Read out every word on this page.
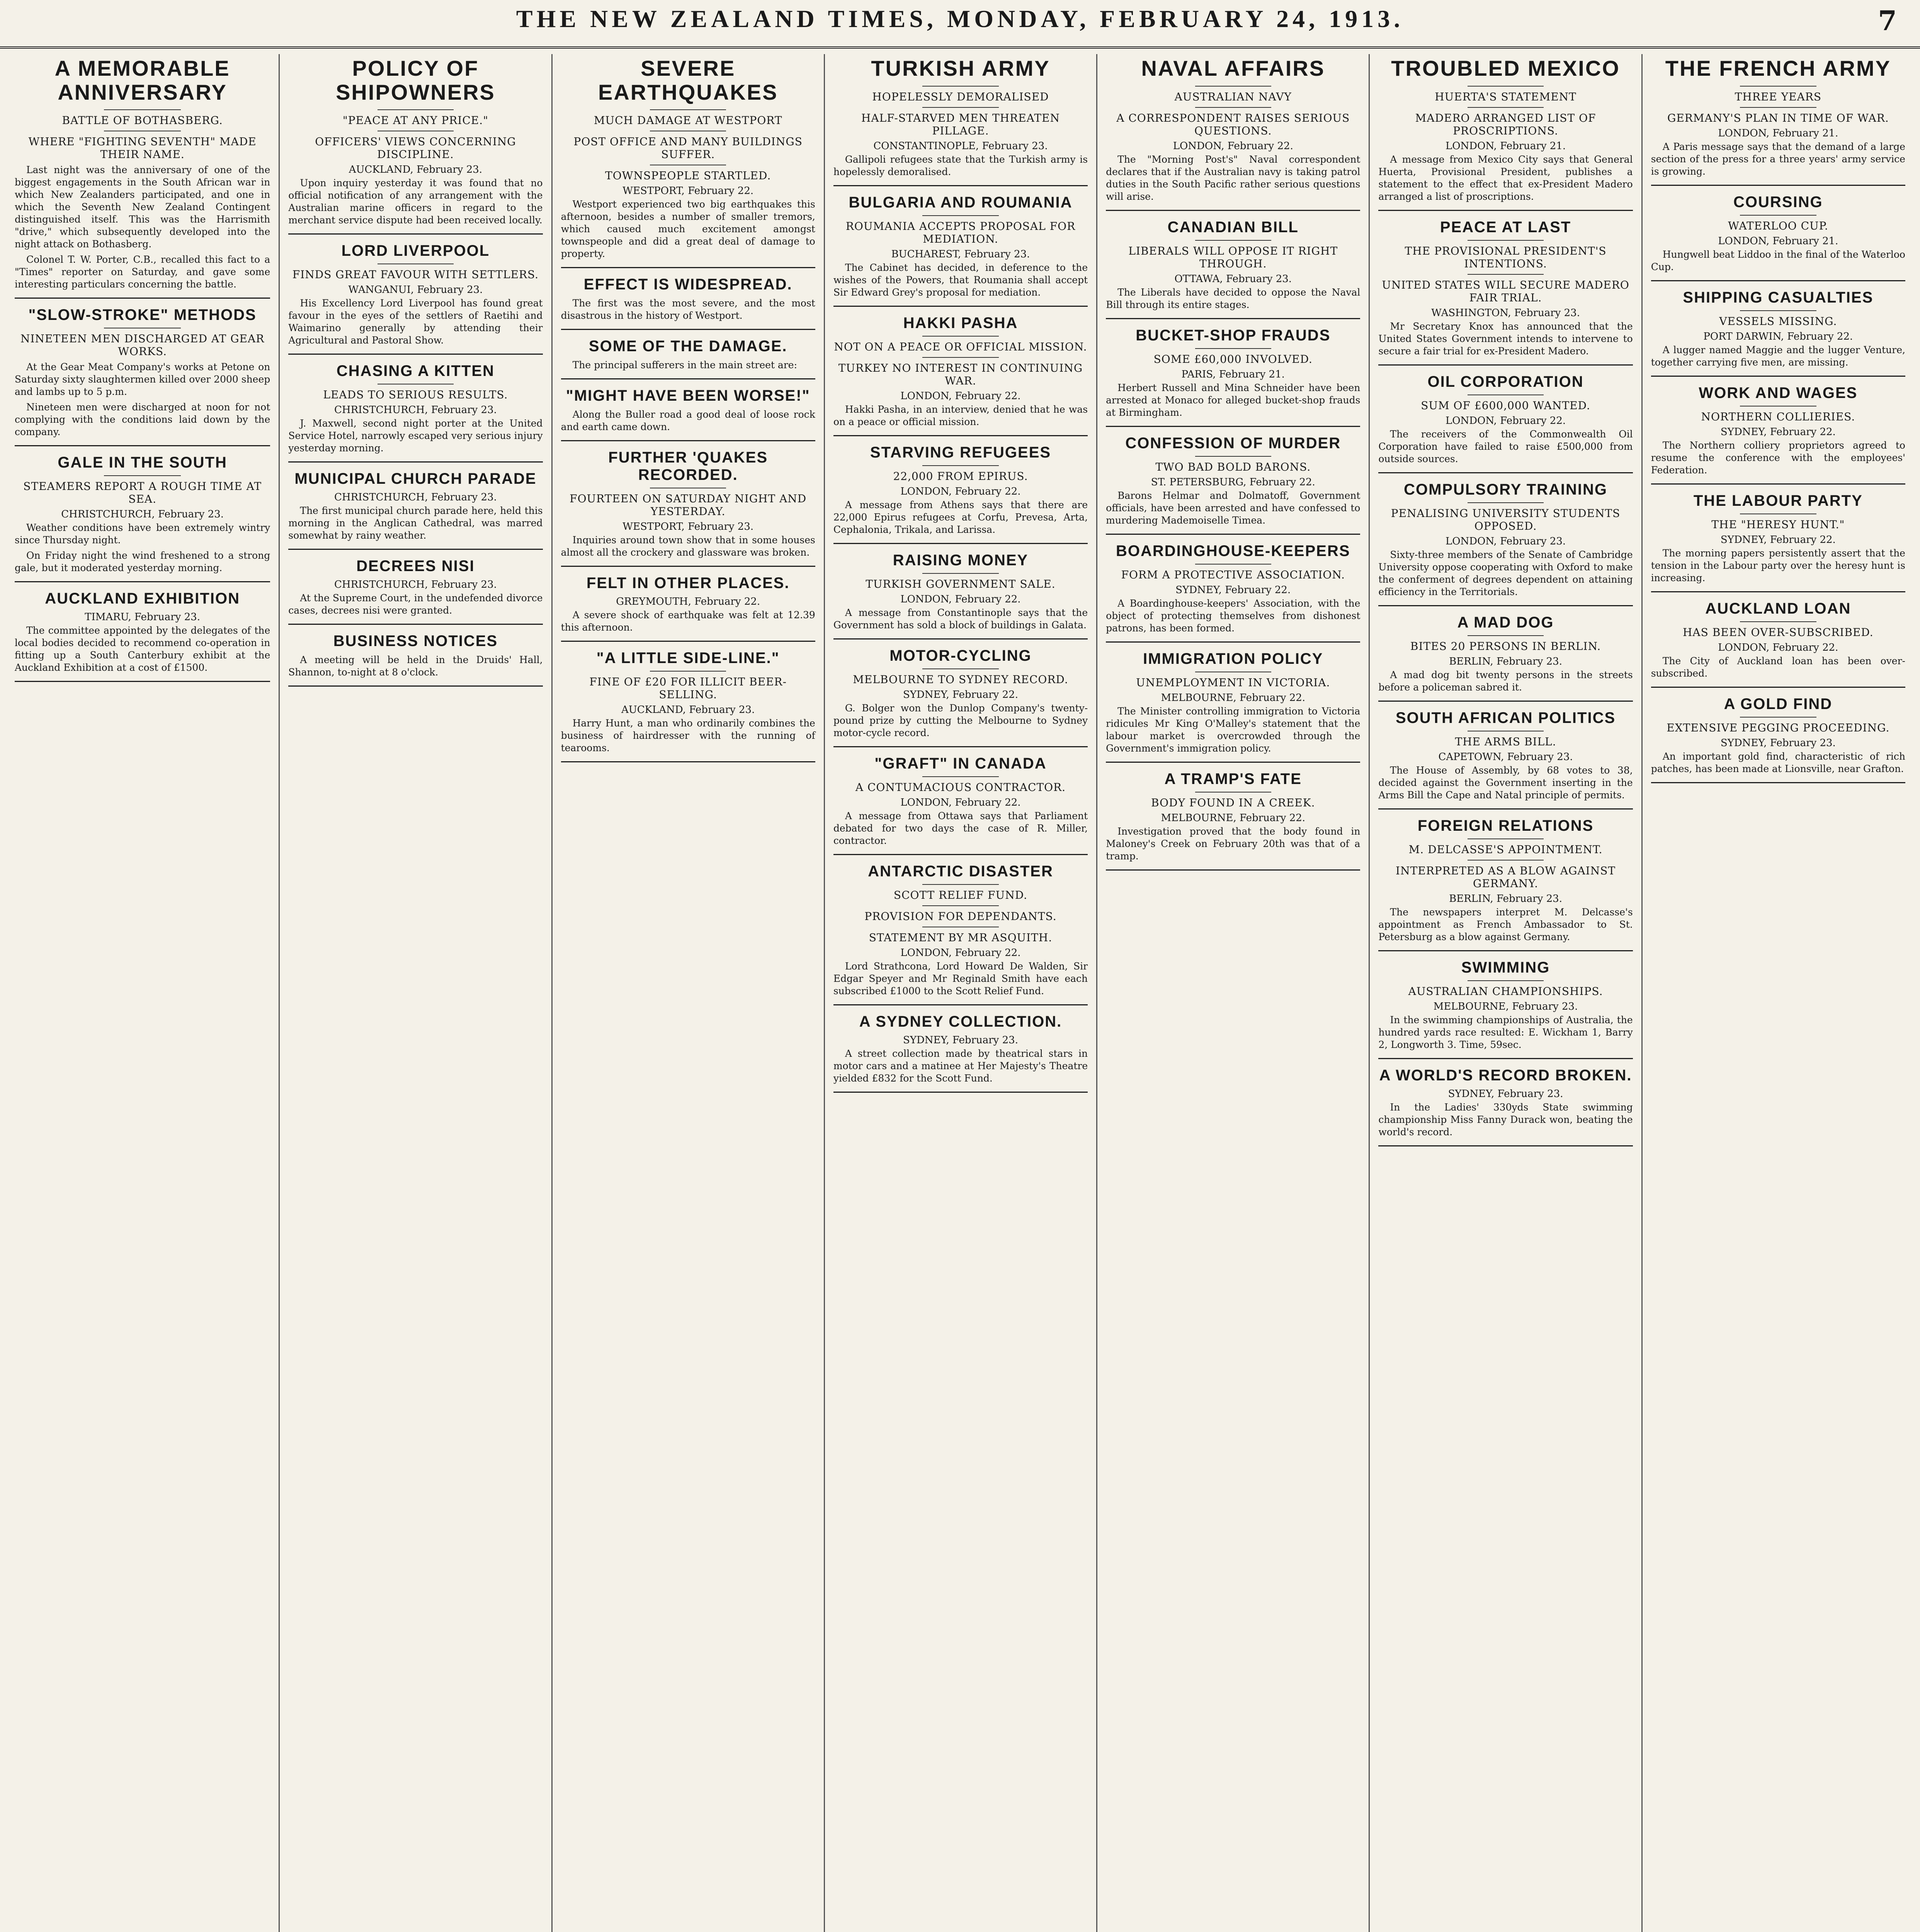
THE NEW ZEALAND TIMES, MONDAY, FEBRUARY 24, 1913.	7
A MEMORABLE ANNIVERSARY
BATTLE OF BOTHASBERG.
WHERE "FIGHTING SEVENTH" MADE THEIR NAME.

Last night was the anniversary of one of the biggest engagements in the South African war in which New Zealanders participated, and one in which the Seventh New Zealand Contingent distinguished itself. This was the Harrismith "drive," which subsequently developed into the night attack on Bothasberg.

Colonel T. W. Porter, C.B., recalled this fact to a "Times" reporter on Saturday, and gave some interesting particulars concerning the battle.

"SLOW-STROKE" METHODS
NINETEEN MEN DISCHARGED AT GEAR WORKS.

At the Gear Meat Company's works at Petone on Saturday sixty slaughtermen killed over 2000 sheep and lambs up to 5 p.m.

Nineteen men were discharged at noon for not complying with the conditions laid down by the company.

GALE IN THE SOUTH
STEAMERS REPORT A ROUGH TIME AT SEA.
CHRISTCHURCH, February 23.

Weather conditions have been extremely wintry since Thursday night.

On Friday night the wind freshened to a strong gale, but it moderated yesterday morning.

AUCKLAND EXHIBITION
TIMARU, February 23.

The committee appointed by the delegates of the local bodies decided to recommend co-operation in fitting up a South Canterbury exhibit at the Auckland Exhibition at a cost of £1500.

POLICY OF SHIPOWNERS
"PEACE AT ANY PRICE."
OFFICERS' VIEWS CONCERNING DISCIPLINE.
AUCKLAND, February 23.

Upon inquiry yesterday it was found that no official notification of any arrangement with the Australian marine officers in regard to the merchant service dispute had been received locally.

LORD LIVERPOOL
FINDS GREAT FAVOUR WITH SETTLERS.
WANGANUI, February 23.

His Excellency Lord Liverpool has found great favour in the eyes of the settlers of Raetihi and Waimarino generally by attending their Agricultural and Pastoral Show.

CHASING A KITTEN
LEADS TO SERIOUS RESULTS.
CHRISTCHURCH, February 23.

J. Maxwell, second night porter at the United Service Hotel, narrowly escaped very serious injury yesterday morning.

MUNICIPAL CHURCH PARADE
CHRISTCHURCH, February 23.

The first municipal church parade here, held this morning in the Anglican Cathedral, was marred somewhat by rainy weather.

DECREES NISI
CHRISTCHURCH, February 23.

At the Supreme Court, in the undefended divorce cases, decrees nisi were granted.

BUSINESS NOTICES

A meeting will be held in the Druids' Hall, Shannon, to-night at 8 o'clock.

SEVERE EARTHQUAKES
MUCH DAMAGE AT WESTPORT
POST OFFICE AND MANY BUILDINGS SUFFER.
TOWNSPEOPLE STARTLED.
WESTPORT, February 22.

Westport experienced two big earthquakes this afternoon, besides a number of smaller tremors, which caused much excitement amongst townspeople and did a great deal of damage to property.

EFFECT IS WIDESPREAD.

The first was the most severe, and the most disastrous in the history of Westport.

SOME OF THE DAMAGE.

The principal sufferers in the main street are:

"MIGHT HAVE BEEN WORSE!"

Along the Buller road a good deal of loose rock and earth came down.

FURTHER 'QUAKES RECORDED.
FOURTEEN ON SATURDAY NIGHT AND YESTERDAY.
WESTPORT, February 23.

Inquiries around town show that in some houses almost all the crockery and glassware was broken.

FELT IN OTHER PLACES.
GREYMOUTH, February 22.

A severe shock of earthquake was felt at 12.39 this afternoon.

"A LITTLE SIDE-LINE."
FINE OF £20 FOR ILLICIT BEER-SELLING.
AUCKLAND, February 23.

Harry Hunt, a man who ordinarily combines the business of hairdresser with the running of tearooms.

TURKISH ARMY
HOPELESSLY DEMORALISED
HALF-STARVED MEN THREATEN PILLAGE.
CONSTANTINOPLE, February 23.

Gallipoli refugees state that the Turkish army is hopelessly demoralised.

BULGARIA AND ROUMANIA
ROUMANIA ACCEPTS PROPOSAL FOR MEDIATION.
BUCHAREST, February 23.

The Cabinet has decided, in deference to the wishes of the Powers, that Roumania shall accept Sir Edward Grey's proposal for mediation.

HAKKI PASHA
NOT ON A PEACE OR OFFICIAL MISSION.
TURKEY NO INTEREST IN CONTINUING WAR.
LONDON, February 22.

Hakki Pasha, in an interview, denied that he was on a peace or official mission.

STARVING REFUGEES
22,000 FROM EPIRUS.
LONDON, February 22.

A message from Athens says that there are 22,000 Epirus refugees at Corfu, Prevesa, Arta, Cephalonia, Trikala, and Larissa.

RAISING MONEY
TURKISH GOVERNMENT SALE.
LONDON, February 22.

A message from Constantinople says that the Government has sold a block of buildings in Galata.

MOTOR-CYCLING
MELBOURNE TO SYDNEY RECORD.
SYDNEY, February 22.

G. Bolger won the Dunlop Company's twenty-pound prize by cutting the Melbourne to Sydney motor-cycle record.

"GRAFT" IN CANADA
A CONTUMACIOUS CONTRACTOR.
LONDON, February 22.

A message from Ottawa says that Parliament debated for two days the case of R. Miller, contractor.

ANTARCTIC DISASTER
SCOTT RELIEF FUND.
PROVISION FOR DEPENDANTS.
STATEMENT BY MR ASQUITH.
LONDON, February 22.

Lord Strathcona, Lord Howard De Walden, Sir Edgar Speyer and Mr Reginald Smith have each subscribed £1000 to the Scott Relief Fund.

A SYDNEY COLLECTION.
SYDNEY, February 23.

A street collection made by theatrical stars in motor cars and a matinee at Her Majesty's Theatre yielded £832 for the Scott Fund.

NAVAL AFFAIRS
AUSTRALIAN NAVY
A CORRESPONDENT RAISES SERIOUS QUESTIONS.
LONDON, February 22.

The "Morning Post's" Naval correspondent declares that if the Australian navy is taking patrol duties in the South Pacific rather serious questions will arise.

CANADIAN BILL
LIBERALS WILL OPPOSE IT RIGHT THROUGH.
OTTAWA, February 23.

The Liberals have decided to oppose the Naval Bill through its entire stages.

BUCKET-SHOP FRAUDS
SOME £60,000 INVOLVED.
PARIS, February 21.

Herbert Russell and Mina Schneider have been arrested at Monaco for alleged bucket-shop frauds at Birmingham.

CONFESSION OF MURDER
TWO BAD BOLD BARONS.
ST. PETERSBURG, February 22.

Barons Helmar and Dolmatoff, Government officials, have been arrested and have confessed to murdering Mademoiselle Timea.

BOARDINGHOUSE-KEEPERS
FORM A PROTECTIVE ASSOCIATION.
SYDNEY, February 22.

A Boardinghouse-keepers' Association, with the object of protecting themselves from dishonest patrons, has been formed.

IMMIGRATION POLICY
UNEMPLOYMENT IN VICTORIA.
MELBOURNE, February 22.

The Minister controlling immigration to Victoria ridicules Mr King O'Malley's statement that the labour market is overcrowded through the Government's immigration policy.

A TRAMP'S FATE
BODY FOUND IN A CREEK.
MELBOURNE, February 22.

Investigation proved that the body found in Maloney's Creek on February 20th was that of a tramp.

TROUBLED MEXICO
HUERTA'S STATEMENT
MADERO ARRANGED LIST OF PROSCRIPTIONS.
LONDON, February 21.

A message from Mexico City says that General Huerta, Provisional President, publishes a statement to the effect that ex-President Madero arranged a list of proscriptions.

PEACE AT LAST
THE PROVISIONAL PRESIDENT'S INTENTIONS.
UNITED STATES WILL SECURE MADERO FAIR TRIAL.
WASHINGTON, February 23.

Mr Secretary Knox has announced that the United States Government intends to intervene to secure a fair trial for ex-President Madero.

OIL CORPORATION
SUM OF £600,000 WANTED.
LONDON, February 22.

The receivers of the Commonwealth Oil Corporation have failed to raise £500,000 from outside sources.

COMPULSORY TRAINING
PENALISING UNIVERSITY STUDENTS OPPOSED.
LONDON, February 23.

Sixty-three members of the Senate of Cambridge University oppose cooperating with Oxford to make the conferment of degrees dependent on attaining efficiency in the Territorials.

A MAD DOG
BITES 20 PERSONS IN BERLIN.
BERLIN, February 23.

A mad dog bit twenty persons in the streets before a policeman sabred it.

SOUTH AFRICAN POLITICS
THE ARMS BILL.
CAPETOWN, February 23.

The House of Assembly, by 68 votes to 38, decided against the Government inserting in the Arms Bill the Cape and Natal principle of permits.

FOREIGN RELATIONS
M. DELCASSE'S APPOINTMENT.
INTERPRETED AS A BLOW AGAINST GERMANY.
BERLIN, February 23.

The newspapers interpret M. Delcasse's appointment as French Ambassador to St. Petersburg as a blow against Germany.

SWIMMING
AUSTRALIAN CHAMPIONSHIPS.
MELBOURNE, February 23.

In the swimming championships of Australia, the hundred yards race resulted: E. Wickham 1, Barry 2, Longworth 3. Time, 59sec.

A WORLD'S RECORD BROKEN.
SYDNEY, February 23.

In the Ladies' 330yds State swimming championship Miss Fanny Durack won, beating the world's record.

THE FRENCH ARMY
THREE YEARS
GERMANY'S PLAN IN TIME OF WAR.
LONDON, February 21.

A Paris message says that the demand of a large section of the press for a three years' army service is growing.

COURSING
WATERLOO CUP.
LONDON, February 21.

Hungwell beat Liddoo in the final of the Waterloo Cup.

SHIPPING CASUALTIES
VESSELS MISSING.
PORT DARWIN, February 22.

A lugger named Maggie and the lugger Venture, together carrying five men, are missing.

WORK AND WAGES
NORTHERN COLLIERIES.
SYDNEY, February 22.

The Northern colliery proprietors agreed to resume the conference with the employees' Federation.

THE LABOUR PARTY
THE "HERESY HUNT."
SYDNEY, February 22.

The morning papers persistently assert that the tension in the Labour party over the heresy hunt is increasing.

AUCKLAND LOAN
HAS BEEN OVER-SUBSCRIBED.
LONDON, February 22.

The City of Auckland loan has been over-subscribed.

A GOLD FIND
EXTENSIVE PEGGING PROCEEDING.
SYDNEY, February 23.

An important gold find, characteristic of rich patches, has been made at Lionsville, near Grafton.
